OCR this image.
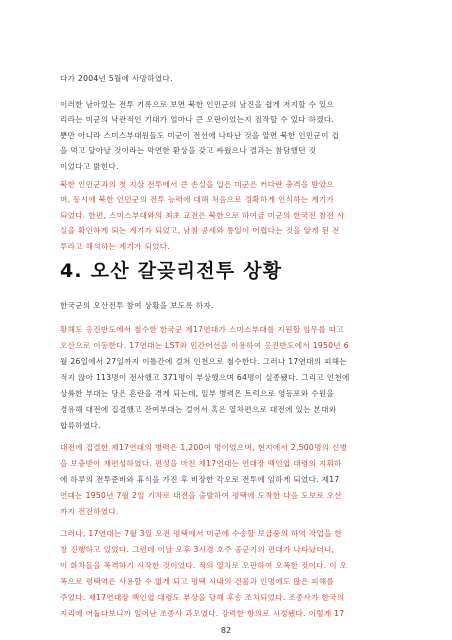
다가 2004년 5월에 사망하였다.
이러한 남아있는 전투 기록으로 보면 북한 인민군의 남진을 쉽게 저지할 수 있으
리라는 미군의 낙관적인 기대가 얼마나 큰 오판이었는지 짐작할 수 있다 하겠다.
뿐만 아니라 스미스부대원들도 미군이 전선에 나타난 것을 알면 북한 인민군이 겁
을 먹고 달아날 것이라는 막연한 환상을 갖고 싸웠으나 결과는 참담했던 것
이었다고 밝힌다.
북한 인민군과의 첫 지상 전투에서 큰 손실을 입은 미군은 커다란 충격을 받았으
며, 동시에 북한 인민군의 전투 능력에 대해 처음으로 정확하게 인식하는 계기가
되었다. 한편, 스미스부대와의 최초 교전은 북한으로 하여금 미군의 한국전 참전 사
실을 확인하게 되는 계기가 되었고, 남침 공세와 통일이 어렵다는 것을 알게 된 전
투라고 해석하는 계기가 되었다.
4. 오산 갈곶리전투 상황
한국군의 오산전투 참여 상황을 보도록 하자.
황해도 옹진반도에서 철수한 한국군 제17연대가 스미스부대를 지원할 임무를 띠고
오산으로 이동한다. 17연대는 LST와 민간어선을 이용하여 옹진반도에서 1950년 6
월 26일에서 27일까지 이틀간에 걸쳐 인천으로 철수한다. 그러나 17연대의 피해는
적지 않아 113명이 전사했고 371명이 부상했으며 64명이 실종됐다. 그리고 인천에
상륙한 부대는 당은 혼란을 겪게 되는데, 일부 병력은 트럭으로 영등포와 수원을
경유해 대전에 집결했고 잔여부대는 걸어서 혹은 열차편으로 대전에 있는 본대와
합류하였다.
대전에 집결한 제17연대의 병력은 1,200여 명이었으며, 현지에서 2,500명의 신병
을 보충받아 재편성하였다. 편성을 마친 제17연대는 연대장 백인엽 대령의 지휘하
에 하루의 전투준비와 휴식을 가진 후 비장한 각오로 전투에 임하게 되었다. 제17
연대는 1950년 7월 2일 기차로 대전을 출발하여 평택에 도착한 다음 도보로 오산
까지 전진하였다.
그러나, 17연대는 7월 3일 오전 평택에서 미군에 수송할 보급품의 하역 작업을 한
창 진행하고 있었다. 그런데 이날 오후 3시경 호주 공군기의 편대가 나타났더니,
이 화차들을 폭격하기 시작한 것이었다. 적의 열차로 오판하여 오폭한 것이다. 이 오
폭으로 평택역은 사용할 수 없게 되고 평택 시내의 건물과 인명에도 많은 피해를
주었다. 제17연대장 백인엽 대령도 부상을 당해 후송 조치되었다. 조종사가 한국의
지리에 어둡다보니까 일어난 조종사 과오였다. 강력한 항의로 시정됐다. 이렇게 17
82
